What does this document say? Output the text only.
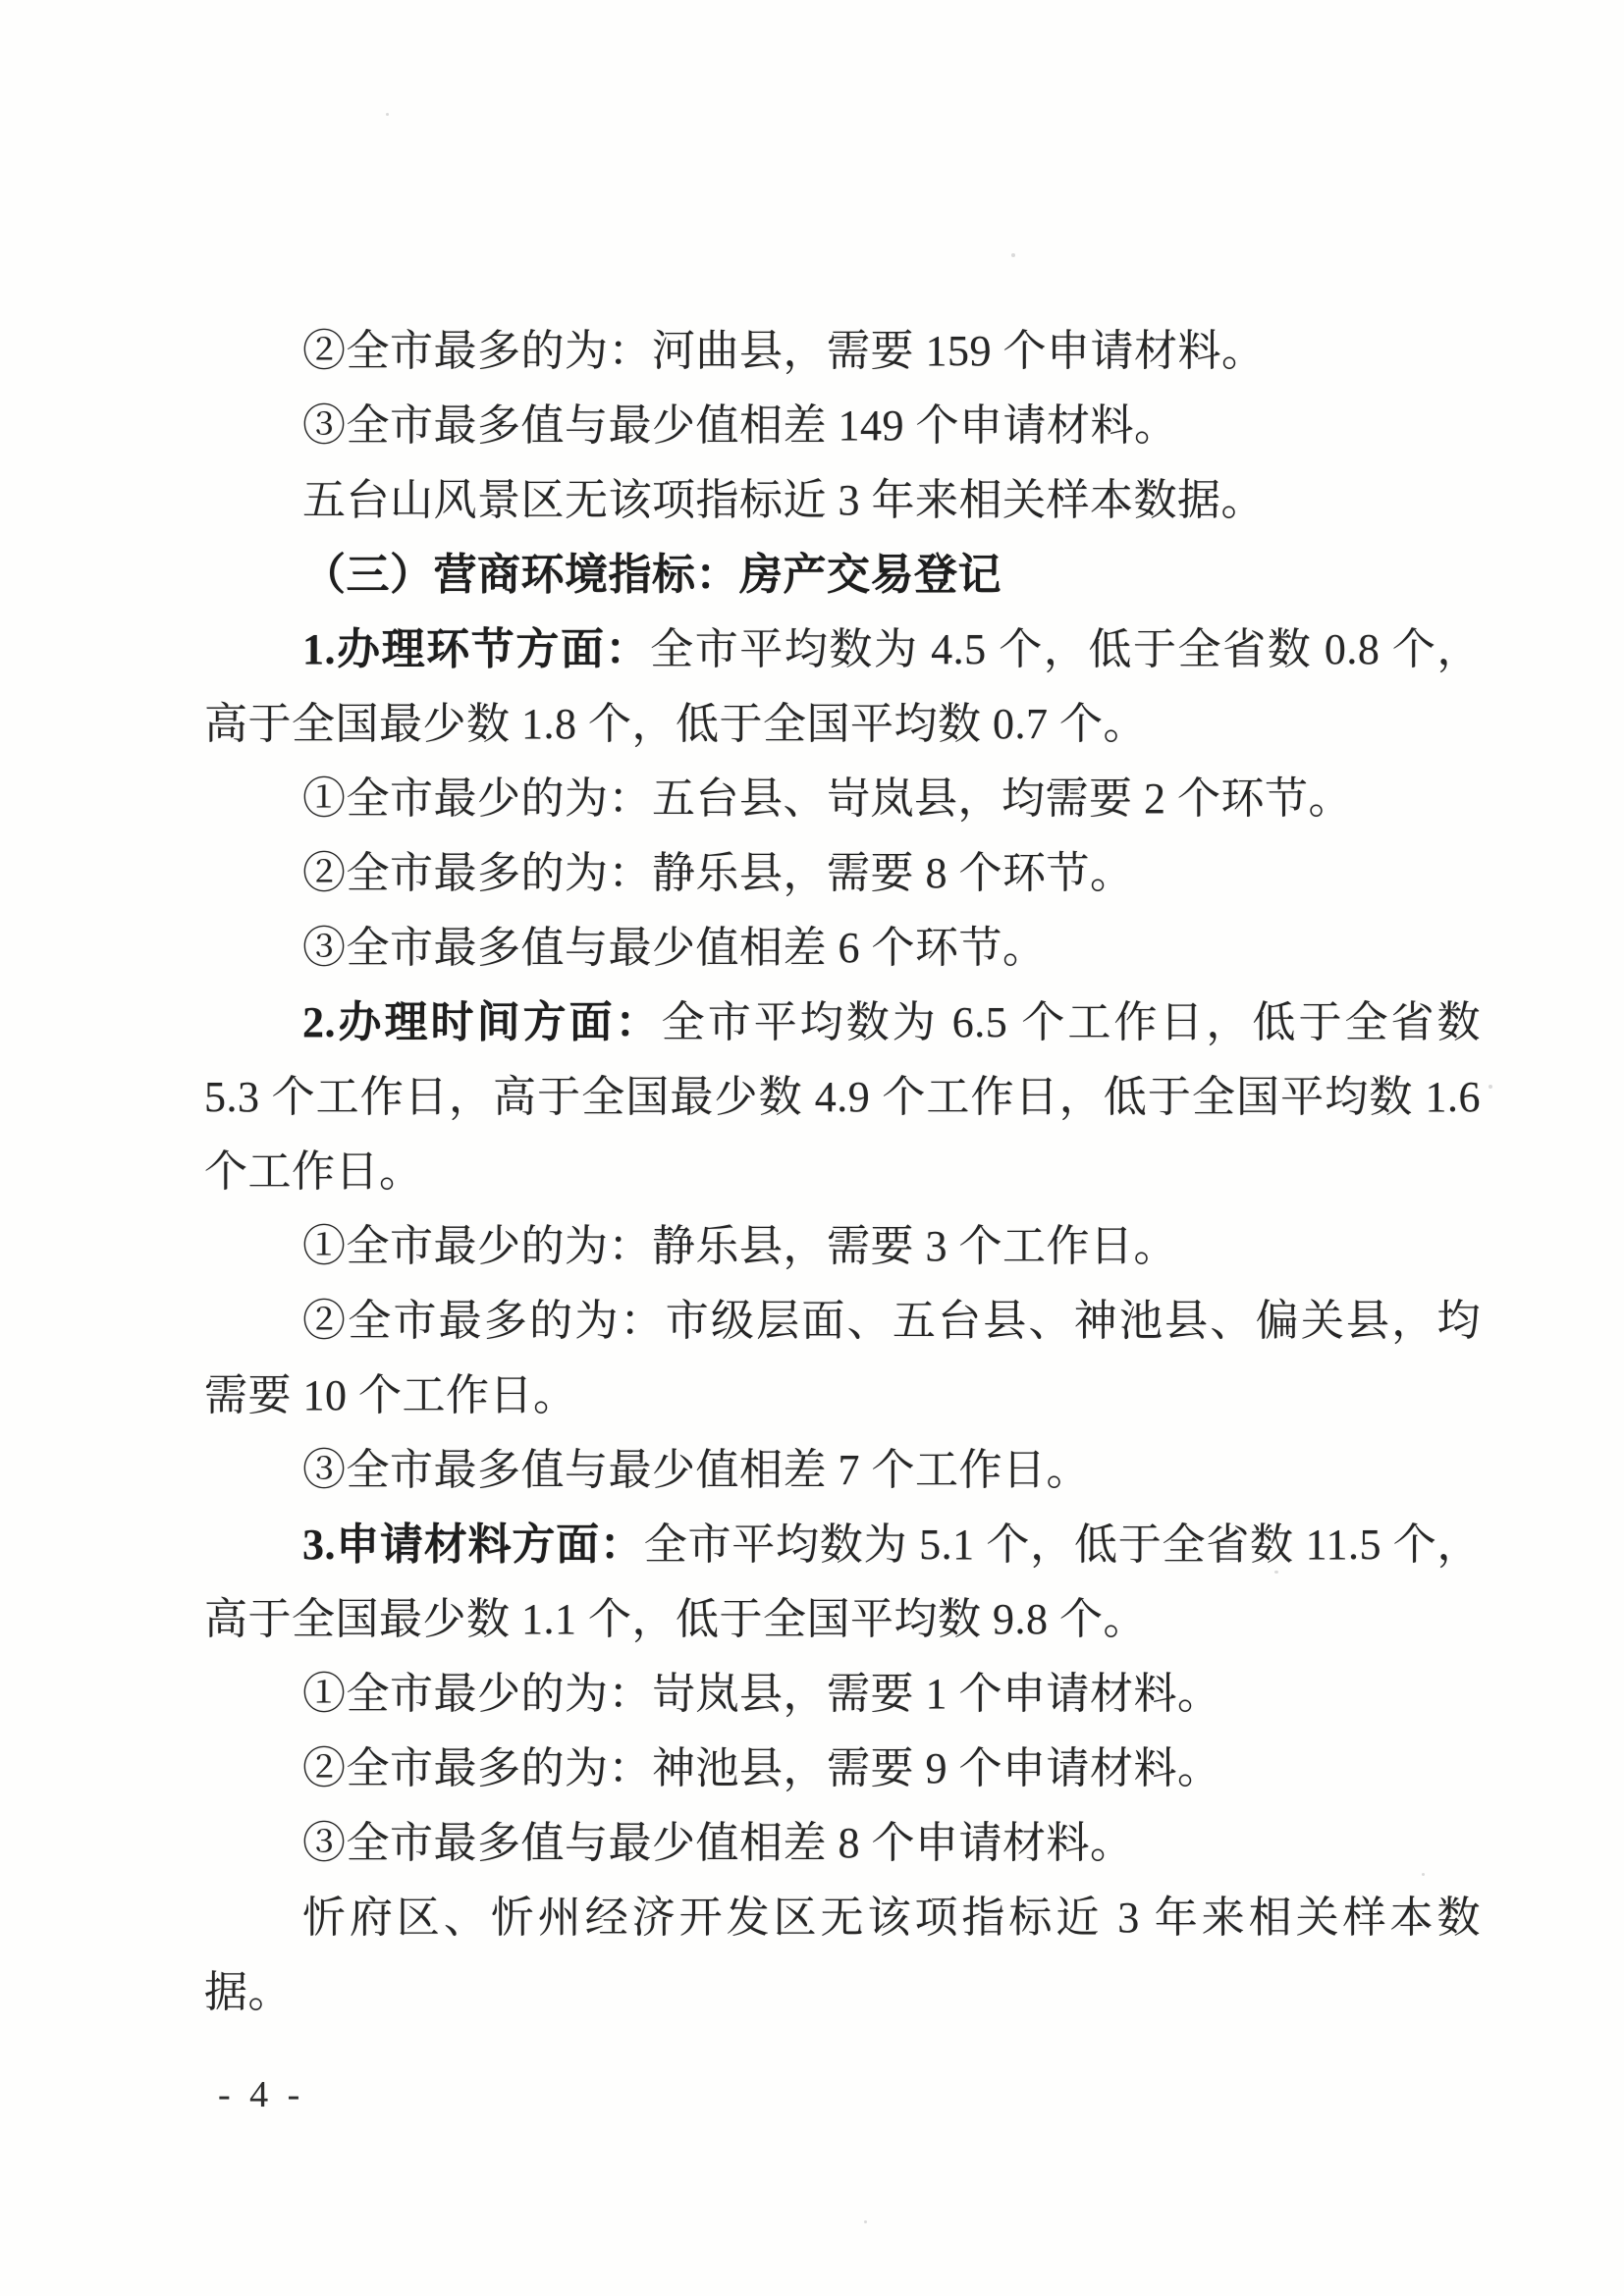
②全市最多的为：河曲县，需要 159 个申请材料。

③全市最多值与最少值相差 149 个申请材料。

五台山风景区无该项指标近 3 年来相关样本数据。

（三）营商环境指标：房产交易登记

1.办理环节方面：全市平均数为 4.5 个，低于全省数 0.8 个，高于全国最少数 1.8 个，低于全国平均数 0.7 个。

①全市最少的为：五台县、岢岚县，均需要 2 个环节。

②全市最多的为：静乐县，需要 8 个环节。

③全市最多值与最少值相差 6 个环节。

2.办理时间方面：全市平均数为 6.5 个工作日，低于全省数 5.3 个工作日，高于全国最少数 4.9 个工作日，低于全国平均数 1.6 个工作日。

①全市最少的为：静乐县，需要 3 个工作日。

②全市最多的为：市级层面、五台县、神池县、偏关县，均需要 10 个工作日。

③全市最多值与最少值相差 7 个工作日。

3.申请材料方面：全市平均数为 5.1 个，低于全省数 11.5 个，高于全国最少数 1.1 个，低于全国平均数 9.8 个。

①全市最少的为：岢岚县，需要 1 个申请材料。

②全市最多的为：神池县，需要 9 个申请材料。

③全市最多值与最少值相差 8 个申请材料。

忻府区、忻州经济开发区无该项指标近 3 年来相关样本数据。

- 4 -
